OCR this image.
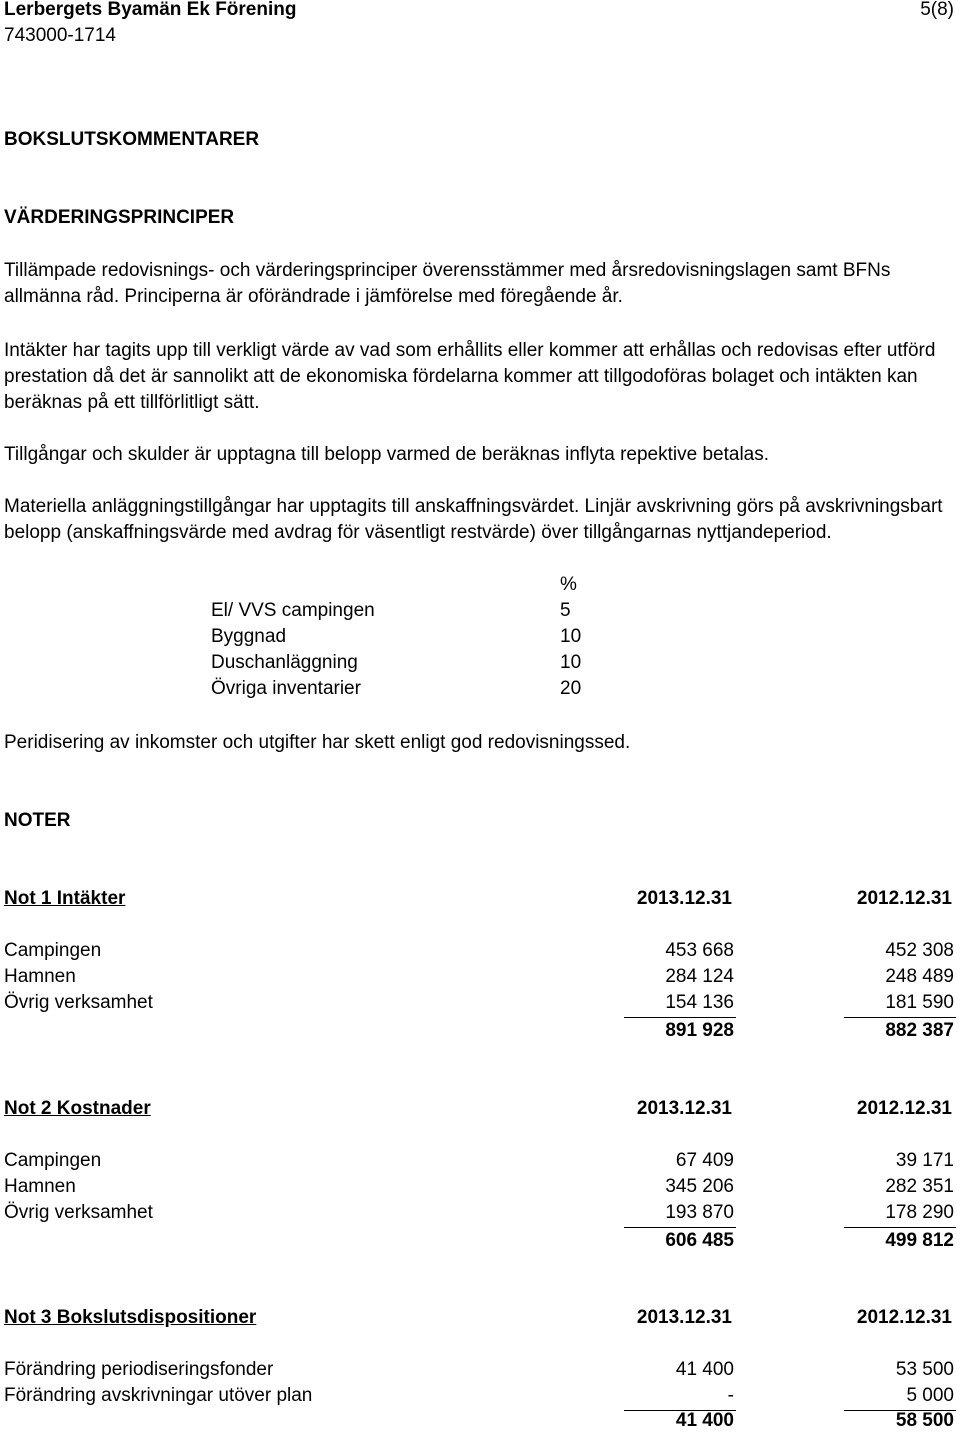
Lerbergets Byamän Ek Förening
743000-1714
5(8)
BOKSLUTSKOMMENTARER
VÄRDERINGSPRINCIPER
Tillämpade redovisnings- och värderingsprinciper överensstämmer med årsredovisningslagen samt BFNs allmänna råd. Principerna är oförändrade i jämförelse med föregående år.
Intäkter har tagits upp till verkligt värde av vad som erhållits eller kommer att erhållas och redovisas efter utförd prestation då det är sannolikt att de ekonomiska fördelarna kommer att tillgodoföras bolaget och intäkten kan beräknas på ett tillförlitligt sätt.
Tillgångar och skulder är upptagna till belopp varmed de beräknas inflyta repektive betalas.
Materiella anläggningstillgångar har upptagits till anskaffningsvärdet. Linjär avskrivning görs på avskrivningsbart belopp (anskaffningsvärde med avdrag för väsentligt restvärde) över tillgångarnas nyttjandeperiod.
%
El/ VVS campingen	5
Byggnad	10
Duschanläggning	10
Övriga inventarier	20
Peridisering av inkomster och utgifter har skett enligt god redovisningssed.
NOTER
Not 1 Intäkter	2013.12.31	2012.12.31
Campingen	453 668	452 308
Hamnen	284 124	248 489
Övrig verksamhet	154 136	181 590
891 928	882 387
Not 2 Kostnader	2013.12.31	2012.12.31
Campingen	67 409	39 171
Hamnen	345 206	282 351
Övrig verksamhet	193 870	178 290
606 485	499 812
Not 3 Bokslutsdispositioner	2013.12.31	2012.12.31
Förändring periodiseringsfonder	41 400	53 500
Förändring avskrivningar utöver plan	-	5 000
41 400	58 500
